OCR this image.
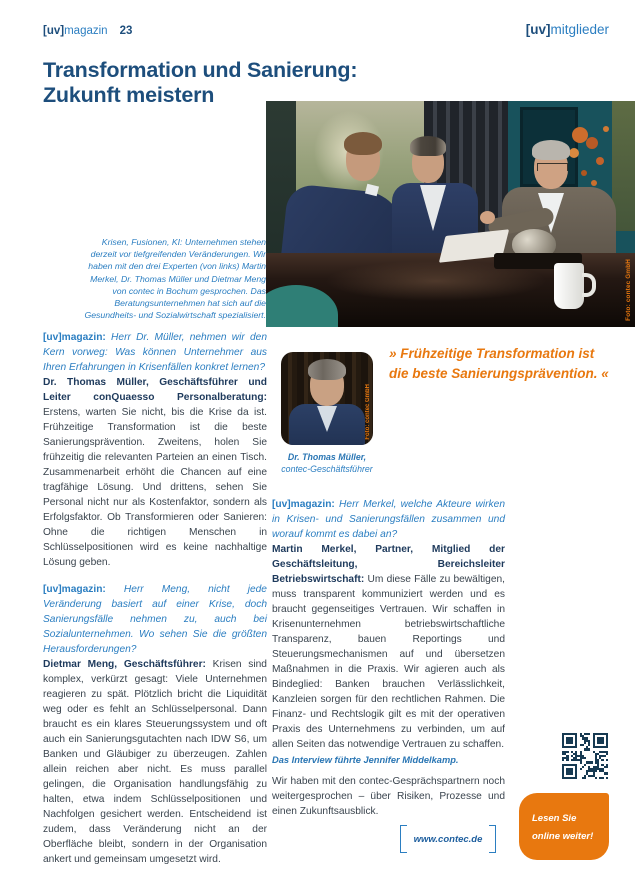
[uv]magazin 23	[uv]mitglieder
Transformation und Sanierung:
Zukunft meistern
Foto: contec GmbH
Krisen, Fusionen, KI: Unternehmen stehen derzeit vor tiefgreifenden Veränderungen. Wir haben mit den drei Experten (von links) Martin Merkel, Dr. Thomas Müller und Dietmar Meng von contec in Bochum gesprochen. Das Beratungsunternehmen hat sich auf die Gesundheits- und Sozialwirtschaft spezialisiert.

[uv]magazin: Herr Dr. Müller, nehmen wir den Kern vorweg: Was können Unternehmer aus Ihren Erfahrungen in Krisenfällen konkret lernen?

Dr. Thomas Müller, Geschäftsführer und Leiter conQuaesso Personalberatung: Erstens, warten Sie nicht, bis die Krise da ist. Frühzeitige Transformation ist die beste Sanierungsprävention. Zweitens, holen Sie frühzeitig die relevanten Parteien an einen Tisch. Zusammenarbeit erhöht die Chancen auf eine tragfähige Lösung. Und drittens, sehen Sie Personal nicht nur als Kostenfaktor, sondern als Erfolgsfaktor. Ob Transformieren oder Sanieren: Ohne die richtigen Menschen in Schlüsselpositionen wird es keine nachhaltige Lösung geben.

[uv]magazin: Herr Meng, nicht jede Veränderung basiert auf einer Krise, doch Sanierungsfälle nehmen zu, auch bei Sozialunternehmen. Wo sehen Sie die größten Herausforderungen?

Dietmar Meng, Geschäftsführer: Krisen sind komplex, verkürzt gesagt: Viele Unternehmen reagieren zu spät. Plötzlich bricht die Liquidität weg oder es fehlt an Schlüsselpersonal. Dann braucht es ein klares Steuerungssystem und oft auch ein Sanierungsgutachten nach IDW S6, um Banken und Gläubiger zu überzeugen. Zahlen allein reichen aber nicht. Es muss parallel gelingen, die Organisation handlungsfähig zu halten, etwa indem Schlüsselpositionen und Nachfolgen gesichert werden. Entscheidend ist zudem, dass Veränderung nicht an der Oberfläche bleibt, sondern in der Organisation ankert und gemeinsam umgesetzt wird.

Foto: contec GmbH
Dr. Thomas Müller,
contec-Geschäftsführer
» Frühzeitige Transformation ist die beste Sanierungsprävention. «

[uv]magazin: Herr Merkel, welche Akteure wirken in Krisen- und Sanierungsfällen zusammen und worauf kommt es dabei an?

Martin Merkel, Partner, Mitglied der Geschäftsleitung, Bereichsleiter Betriebswirtschaft: Um diese Fälle zu bewältigen, muss transparent kommuniziert werden und es braucht gegenseitiges Vertrauen. Wir schaffen in Krisenunternehmen betriebswirtschaftliche Transparenz, bauen Reportings und Steuerungsmechanismen auf und übersetzen Maßnahmen in die Praxis. Wir agieren auch als Bindeglied: Banken brauchen Verlässlichkeit, Kanzleien sorgen für den rechtlichen Rahmen. Die Finanz- und Rechtslogik gilt es mit der operativen Praxis des Unternehmens zu verbinden, um auf allen Seiten das notwendige Vertrauen zu schaffen.

Das Interview führte Jennifer Middelkamp.
Wir haben mit den contec-Gesprächspartnern noch weitergesprochen – über Risiken, Prozesse und einen Zukunftsausblick.
www.contec.de
Lesen Sie online weiter!
